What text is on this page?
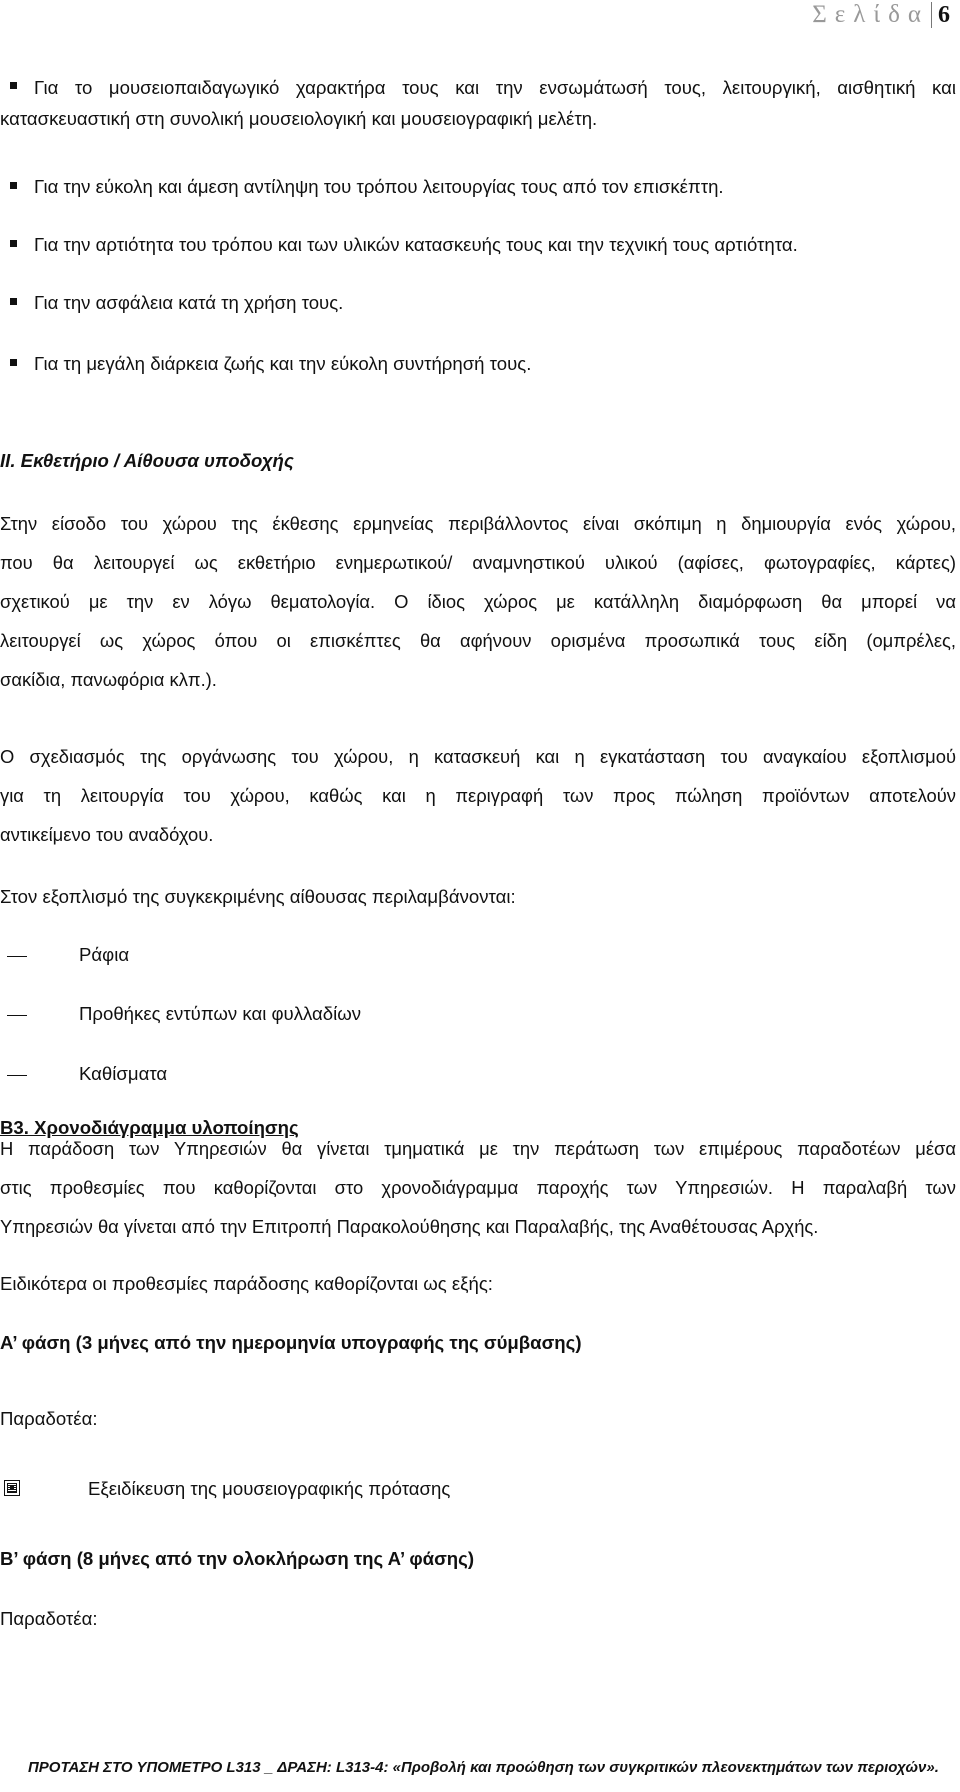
Σελίδα 6
Για το μουσειοπαιδαγωγικό χαρακτήρα τους και την ενσωμάτωσή τους, λειτουργική, αισθητική και
κατασκευαστική στη συνολική μουσειολογική και μουσειογραφική μελέτη.
Για την εύκολη και άμεση αντίληψη του τρόπου λειτουργίας τους από τον επισκέπτη.
Για την αρτιότητα του τρόπου και των υλικών κατασκευής τους και την τεχνική τους αρτιότητα.
Για την ασφάλεια κατά τη χρήση τους.
Για τη μεγάλη διάρκεια ζωής και την εύκολη συντήρησή τους.
ΙΙ. Εκθετήριο / Αίθουσα υποδοχής
Στην είσοδο του χώρου της έκθεσης ερμηνείας περιβάλλοντος είναι σκόπιμη η δημιουργία ενός χώρου,
που θα λειτουργεί ως εκθετήριο ενημερωτικού/ αναμνηστικού υλικού (αφίσες, φωτογραφίες, κάρτες)
σχετικού με την εν λόγω θεματολογία. Ο ίδιος χώρος με κατάλληλη διαμόρφωση θα μπορεί να
λειτουργεί ως χώρος όπου οι επισκέπτες θα αφήνουν ορισμένα προσωπικά τους είδη (ομπρέλες,
σακίδια, πανωφόρια κλπ.).
Ο σχεδιασμός της οργάνωσης του χώρου, η κατασκευή και η εγκατάσταση του αναγκαίου εξοπλισμού
για τη λειτουργία του χώρου, καθώς και η περιγραφή των προς πώληση προϊόντων αποτελούν
αντικείμενο του αναδόχου.
Στον εξοπλισμό της συγκεκριμένης αίθουσας περιλαμβάνονται:
Ράφια
Προθήκες εντύπων και φυλλαδίων
Καθίσματα
Β3. Χρονοδιάγραμμα υλοποίησης
Η παράδοση των Υπηρεσιών θα γίνεται τμηματικά με την περάτωση των επιμέρους παραδοτέων μέσα
στις προθεσμίες που καθορίζονται στο χρονοδιάγραμμα παροχής των Υπηρεσιών. Η παραλαβή των
Υπηρεσιών θα γίνεται από την Επιτροπή Παρακολούθησης και Παραλαβής, της Αναθέτουσας Αρχής.
Ειδικότερα οι προθεσμίες παράδοσης καθορίζονται ως εξής:
Α’ φάση (3 μήνες από την ημερομηνία υπογραφής της σύμβασης)
Παραδοτέα:
Εξειδίκευση της μουσειογραφικής πρότασης
Β’ φάση (8 μήνες από την ολοκλήρωση της Α’ φάσης)
Παραδοτέα:
ΠΡΟΤΑΣΗ ΣΤΟ ΥΠΟΜΕΤΡΟ L313 _ ΔΡΑΣΗ: L313-4: «Προβολή και προώθηση των συγκριτικών πλεονεκτημάτων των περιοχών».
